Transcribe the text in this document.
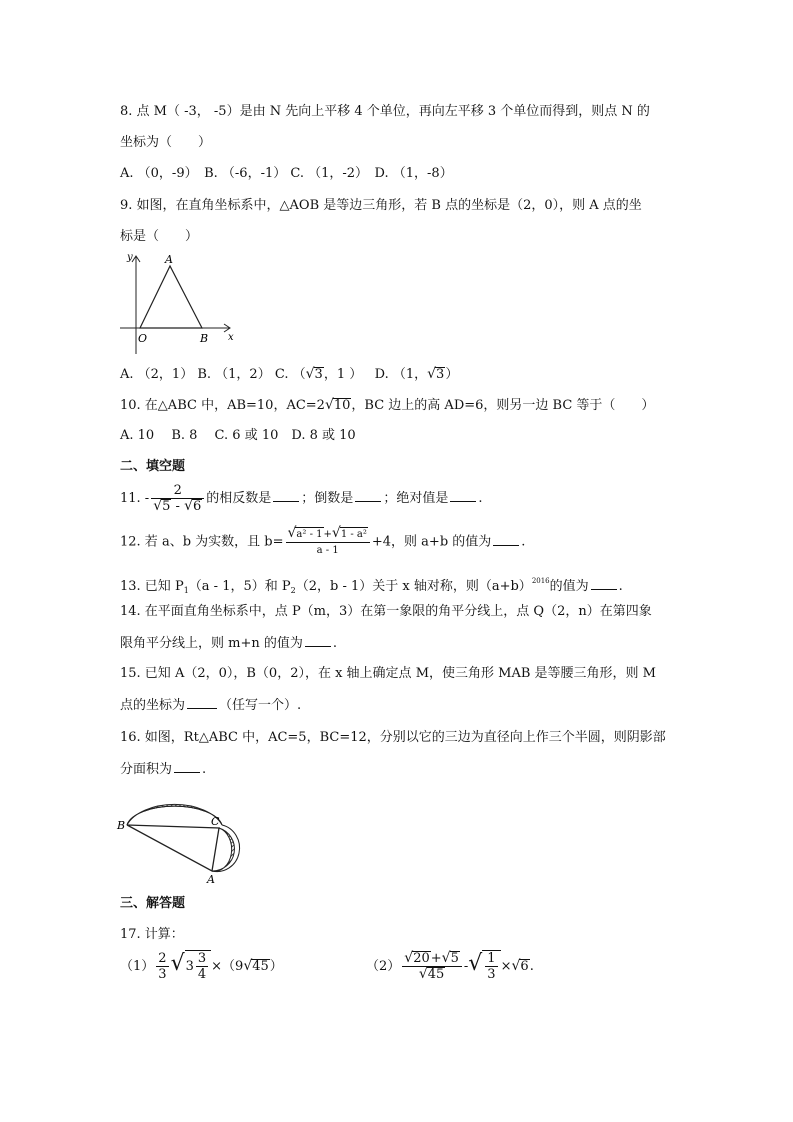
8. 点 M（ -3， -5）是由 N 先向上平移 4 个单位，再向左平移 3 个单位而得到，则点 N 的
坐标为（　　）
A. （0，-9）　B. （-6，-1） C. （1，-2）　D. （1，-8）
9. 如图，在直角坐标系中，△AOB 是等边三角形，若 B 点的坐标是（2，0），则 A 点的坐
标是（　　）
y
x
A
O	B
A. （2，1） B. （1，2） C. （√3，1 ） D. （1，√3）
10. 在△ABC 中，AB=10，AC=2√10，BC 边上的高 AD=6，则另一边 BC 等于（　　）
A. 10　 B. 8　 C. 6 或 10　D. 8 或 10
二、填空题
11. - $\frac{2}{√5 - √6}$ 的相反数是 ；倒数是 ；绝对值是 .
12. 若 a、b 为实数，且 $b= \frac{\text{√a² - 1+√1 - a²}}{a - 1} +4$，则 a+b 的值为 .
13. 已知 $P_1(a - 1$，5）和 $P_2(2$，b - 1）关于 x 轴对称，则$(a+b)^{2016}$的值为 .
14. 在平面直角坐标系中，点 P（m，3）在第一象限的角平分线上，点 Q（2，n）在第四象
限角平分线上，则 m+n 的值为 .
15. 已知 A（2，0），B（0，2），在 x 轴上确定点 M，使三角形 MAB 是等腰三角形，则 M
点的坐标为	（任写一个）.
16. 如图，Rt△ABC 中，AC=5，BC=12，分别以它的三边为直径向上作三个半圆，则阴影部
分面积为 .
B	C
A
三、解答题
17. 计算：
$(1) \frac{2}{3} √3 \frac{3}{4} \times(9√45)$	$(2) \frac{√20+√5}{√45}$ -√ $\frac{1}{3} \times√6$.
